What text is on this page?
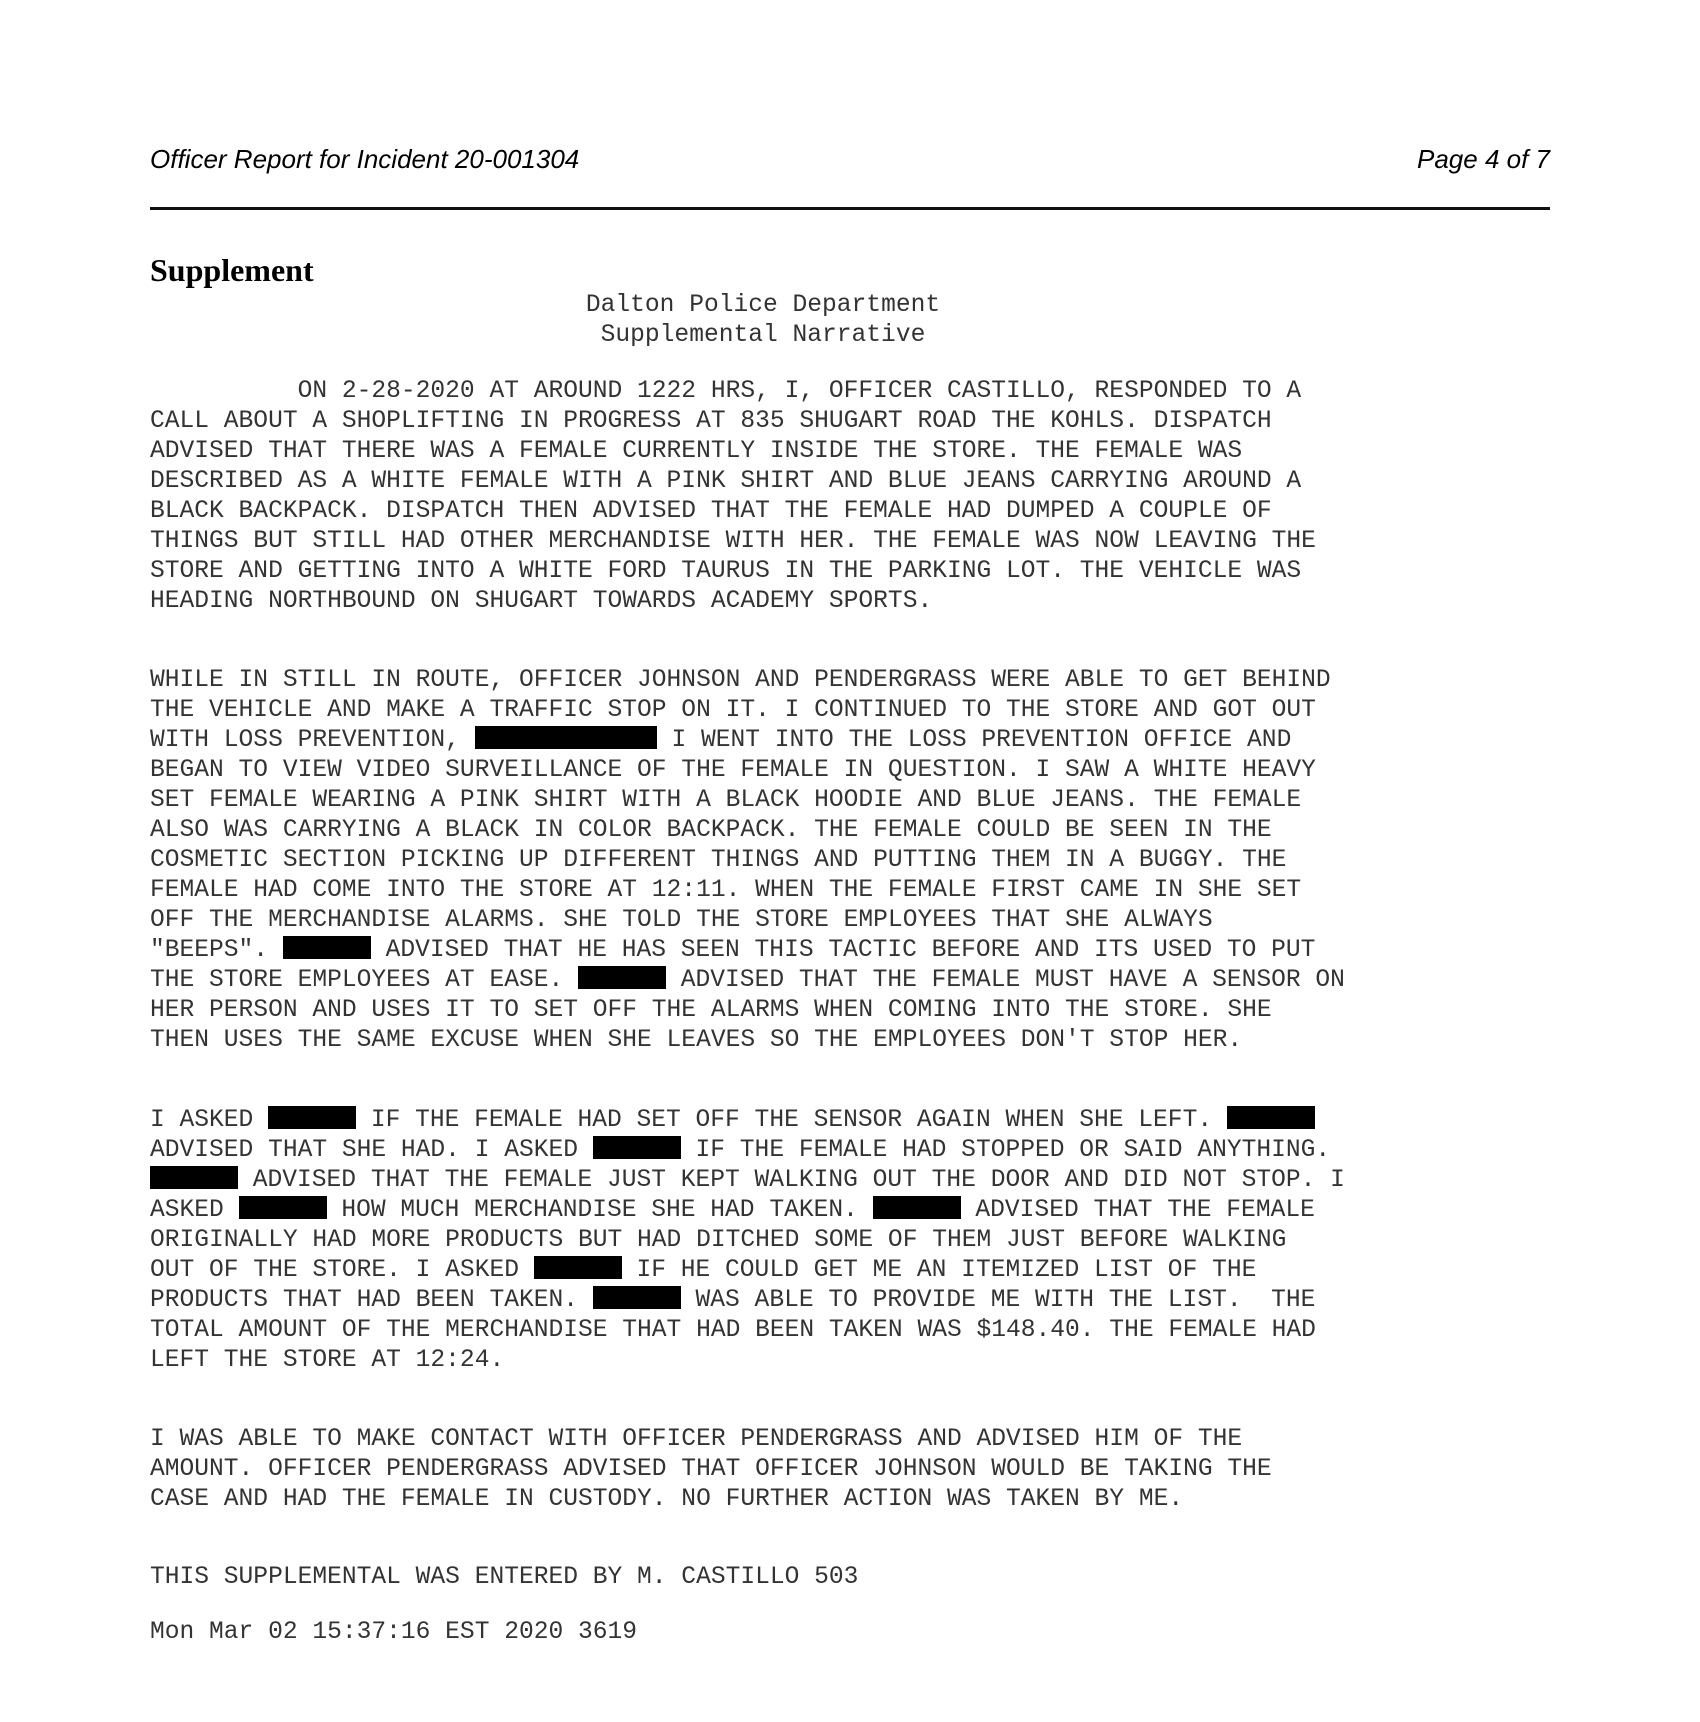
Officer Report for Incident 20-001304	Page 4 of 7
Supplement
Dalton Police Department
Supplemental Narrative
ON 2-28-2020 AT AROUND 1222 HRS, I, OFFICER CASTILLO, RESPONDED TO A
CALL ABOUT A SHOPLIFTING IN PROGRESS AT 835 SHUGART ROAD THE KOHLS. DISPATCH
ADVISED THAT THERE WAS A FEMALE CURRENTLY INSIDE THE STORE. THE FEMALE WAS
DESCRIBED AS A WHITE FEMALE WITH A PINK SHIRT AND BLUE JEANS CARRYING AROUND A
BLACK BACKPACK. DISPATCH THEN ADVISED THAT THE FEMALE HAD DUMPED A COUPLE OF
THINGS BUT STILL HAD OTHER MERCHANDISE WITH HER. THE FEMALE WAS NOW LEAVING THE
STORE AND GETTING INTO A WHITE FORD TAURUS IN THE PARKING LOT. THE VEHICLE WAS
HEADING NORTHBOUND ON SHUGART TOWARDS ACADEMY SPORTS.
WHILE IN STILL IN ROUTE, OFFICER JOHNSON AND PENDERGRASS WERE ABLE TO GET BEHIND
THE VEHICLE AND MAKE A TRAFFIC STOP ON IT. I CONTINUED TO THE STORE AND GOT OUT
WITH LOSS PREVENTION,	I WENT INTO THE LOSS PREVENTION OFFICE AND
BEGAN TO VIEW VIDEO SURVEILLANCE OF THE FEMALE IN QUESTION. I SAW A WHITE HEAVY
SET FEMALE WEARING A PINK SHIRT WITH A BLACK HOODIE AND BLUE JEANS. THE FEMALE
ALSO WAS CARRYING A BLACK IN COLOR BACKPACK. THE FEMALE COULD BE SEEN IN THE
COSMETIC SECTION PICKING UP DIFFERENT THINGS AND PUTTING THEM IN A BUGGY. THE
FEMALE HAD COME INTO THE STORE AT 12:11. WHEN THE FEMALE FIRST CAME IN SHE SET
OFF THE MERCHANDISE ALARMS. SHE TOLD THE STORE EMPLOYEES THAT SHE ALWAYS
"BEEPS".	ADVISED THAT HE HAS SEEN THIS TACTIC BEFORE AND ITS USED TO PUT
THE STORE EMPLOYEES AT EASE.	ADVISED THAT THE FEMALE MUST HAVE A SENSOR ON
HER PERSON AND USES IT TO SET OFF THE ALARMS WHEN COMING INTO THE STORE. SHE
THEN USES THE SAME EXCUSE WHEN SHE LEAVES SO THE EMPLOYEES DON'T STOP HER.
I ASKED	IF THE FEMALE HAD SET OFF THE SENSOR AGAIN WHEN SHE LEFT.
ADVISED THAT SHE HAD. I ASKED	IF THE FEMALE HAD STOPPED OR SAID ANYTHING.
ADVISED THAT THE FEMALE JUST KEPT WALKING OUT THE DOOR AND DID NOT STOP. I
ASKED	HOW MUCH MERCHANDISE SHE HAD TAKEN.	ADVISED THAT THE FEMALE
ORIGINALLY HAD MORE PRODUCTS BUT HAD DITCHED SOME OF THEM JUST BEFORE WALKING
OUT OF THE STORE. I ASKED	IF HE COULD GET ME AN ITEMIZED LIST OF THE
PRODUCTS THAT HAD BEEN TAKEN.	WAS ABLE TO PROVIDE ME WITH THE LIST.  THE
TOTAL AMOUNT OF THE MERCHANDISE THAT HAD BEEN TAKEN WAS $148.40. THE FEMALE HAD
LEFT THE STORE AT 12:24.
I WAS ABLE TO MAKE CONTACT WITH OFFICER PENDERGRASS AND ADVISED HIM OF THE
AMOUNT. OFFICER PENDERGRASS ADVISED THAT OFFICER JOHNSON WOULD BE TAKING THE
CASE AND HAD THE FEMALE IN CUSTODY. NO FURTHER ACTION WAS TAKEN BY ME.
THIS SUPPLEMENTAL WAS ENTERED BY M. CASTILLO 503
Mon Mar 02 15:37:16 EST 2020 3619
